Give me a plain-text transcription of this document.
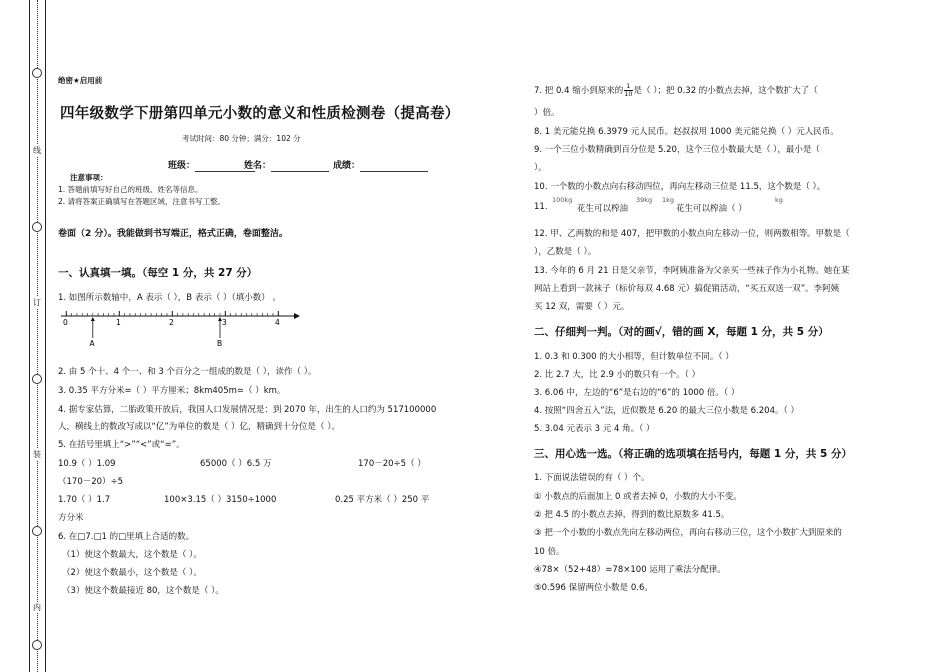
线
订
装
内
绝密★启用前
四年级数学下册第四单元小数的意义和性质检测卷（提高卷）
考试时间：80 分钟；满分：102 分
班级：	姓名：	成绩：
注意事项：
1. 答题前填写好自己的班级、姓名等信息。
2. 请将答案正确填写在答题区域，注意书写工整。
卷面（2 分）。我能做到书写端正，格式正确，卷面整洁。
一、认真填一填。（每空 1 分，共 27 分）
1. 如图所示数轴中，A 表示（ ），B 表示（ ）（填小数） 。
0	1	2	3	4
A	B
2. 由 5 个十、4 个一、和 3 个百分之一组成的数是（ ），读作（ ）。
3. 0.35 平方分米=（ ）平方厘米；8km405m=（ ）km。
4. 据专家估算，二胎政策开放后，我国人口发展情况是：到 2070 年，出生的人口约为 517100000
人，横线上的数改写成以“亿”为单位的数是（ ）亿，精确到十分位是（ ）。
5. 在括号里填上“>”“<”或“=”。
10.9（ ）1.09	65000（ ）6.5 万	170－20÷5（ ）
（170－20）÷5
1.70（ ）1.7	100×3.15（ ）3150÷1000	0.25 平方米（ ）250 平
方分米
6. 在□7.□1 的□里填上合适的数。
（1）使这个数最大，这个数是（ ）。
（2）使这个数最小，这个数是（ ）。
（3）使这个数最接近 80，这个数是（ ）。
7. 把 0.4 缩小到原来的 $\frac{1}{10}$ 是（ ）；把 0.32 的小数点去掉，这个数扩大了（
）倍。
8. 1 美元能兑换 6.3979 元人民币。赵叔叔用 1000 美元能兑换（ ）元人民币。
9. 一个三位小数精确到百分位是 5.20，这个三位小数最大是（ ），最小是（
）。
10. 一个数的小数点向右移动四位，再向左移动三位是 11.5，这个数是（ ）。
11.
100kg
花生可以榨油
39kg 1kg
花生可以榨油（ ）
kg
12. 甲、乙两数的和是 407，把甲数的小数点向左移动一位，则两数相等。甲数是（
），乙数是（ ）。
13. 今年的 6 月 21 日是父亲节，李阿姨准备为父亲买一些袜子作为小礼物。她在某
网站上看到一款袜子（标价每双 4.68 元）搞促销活动，“买五双送一双”。李阿姨
买 12 双，需要（ ）元。
二、仔细判一判。（对的画√，错的画 X，每题 1 分，共 5 分）
1. 0.3 和 0.300 的大小相等，但计数单位不同。（ ）
2. 比 2.7 大，比 2.9 小的数只有一个。（ ）
3. 6.06 中，左边的“6”是右边的“6”的 1000 倍。（ ）
4. 按照“四舍五入”法，近似数是 6.20 的最大三位小数是 6.204。（ ）
5. 3.04 元表示 3 元 4 角。（ ）
三、用心选一选。（将正确的选项填在括号内，每题 1 分，共 5 分）
1. 下面说法错误的有（ ）个。
① 小数点的后面加上 0 或者去掉 0，小数的大小不变。
② 把 4.5 的小数点去掉，得到的数比原数多 41.5。
③ 把一个小数的小数点先向左移动两位，再向右移动三位，这个小数扩大到原来的
10 倍。
④78×（52+48）=78×100 运用了乘法分配律。
⑤0.596 保留两位小数是 0.6。
